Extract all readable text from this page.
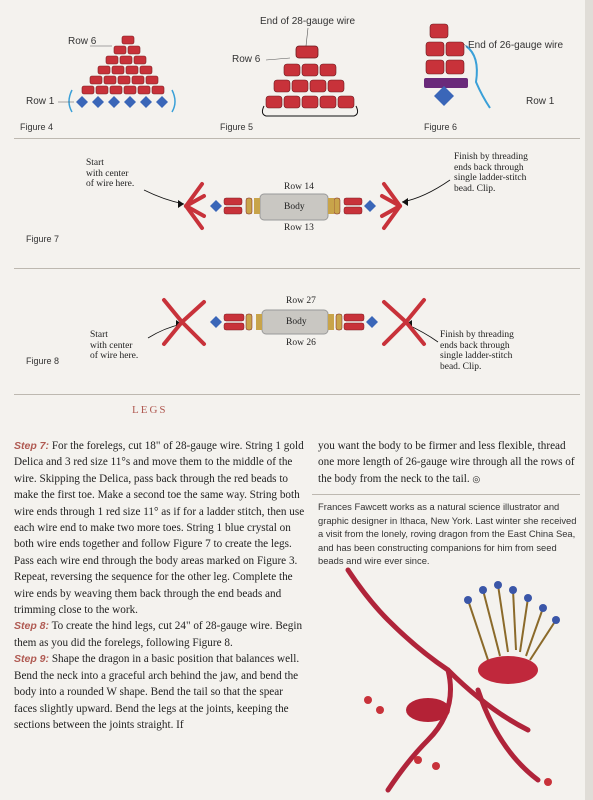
Row 6
Row 1
Figure 4
End of 28-gauge wire
Row 6
Figure 5
End of 26-gauge wire
Row 1
Figure 6
Start
with center
of wire here.
Finish by threading
ends back through
single ladder-stitch
bead. Clip.
Row 14
Body
Row 13
Figure 7
Start
with center
of wire here.
Finish by threading
ends back through
single ladder-stitch
bead. Clip.
Row 27
Body
Row 26
Figure 8
LEGS

Step 7: For the forelegs, cut 18" of 28-gauge wire. String 1 gold Delica and 3 red size 11°s and move them to the middle of the wire. Skipping the Delica, pass back through the red beads to make the first toe. Make a second toe the same way. String both wire ends through 1 red size 11° as if for a ladder stitch, then use each wire end to make two more toes. String 1 blue crystal on both wire ends together and follow Figure 7 to create the legs. Pass each wire end through the body areas marked on Figure 3. Repeat, reversing the sequence for the other leg. Complete the wire ends by weaving them back through the end beads and trimming close to the work.

Step 8: To create the hind legs, cut 24" of 28-gauge wire. Begin them as you did the forelegs, following Figure 8.

Step 9: Shape the dragon in a basic position that balances well. Bend the neck into a graceful arch behind the jaw, and bend the body into a rounded W shape. Bend the tail so that the spear faces slightly upward. Bend the legs at the joints, keeping the sections between the joints straight. If

you want the body to be firmer and less flexible, thread one more length of 26-gauge wire through all the rows of the body from the neck to the tail. ◎

Frances Fawcett works as a natural science illustrator and graphic designer in Ithaca, New York. Last winter she received a visit from the lonely, roving dragon from the East China Sea, and has been constructing companions for him from seed beads and wire ever since.
